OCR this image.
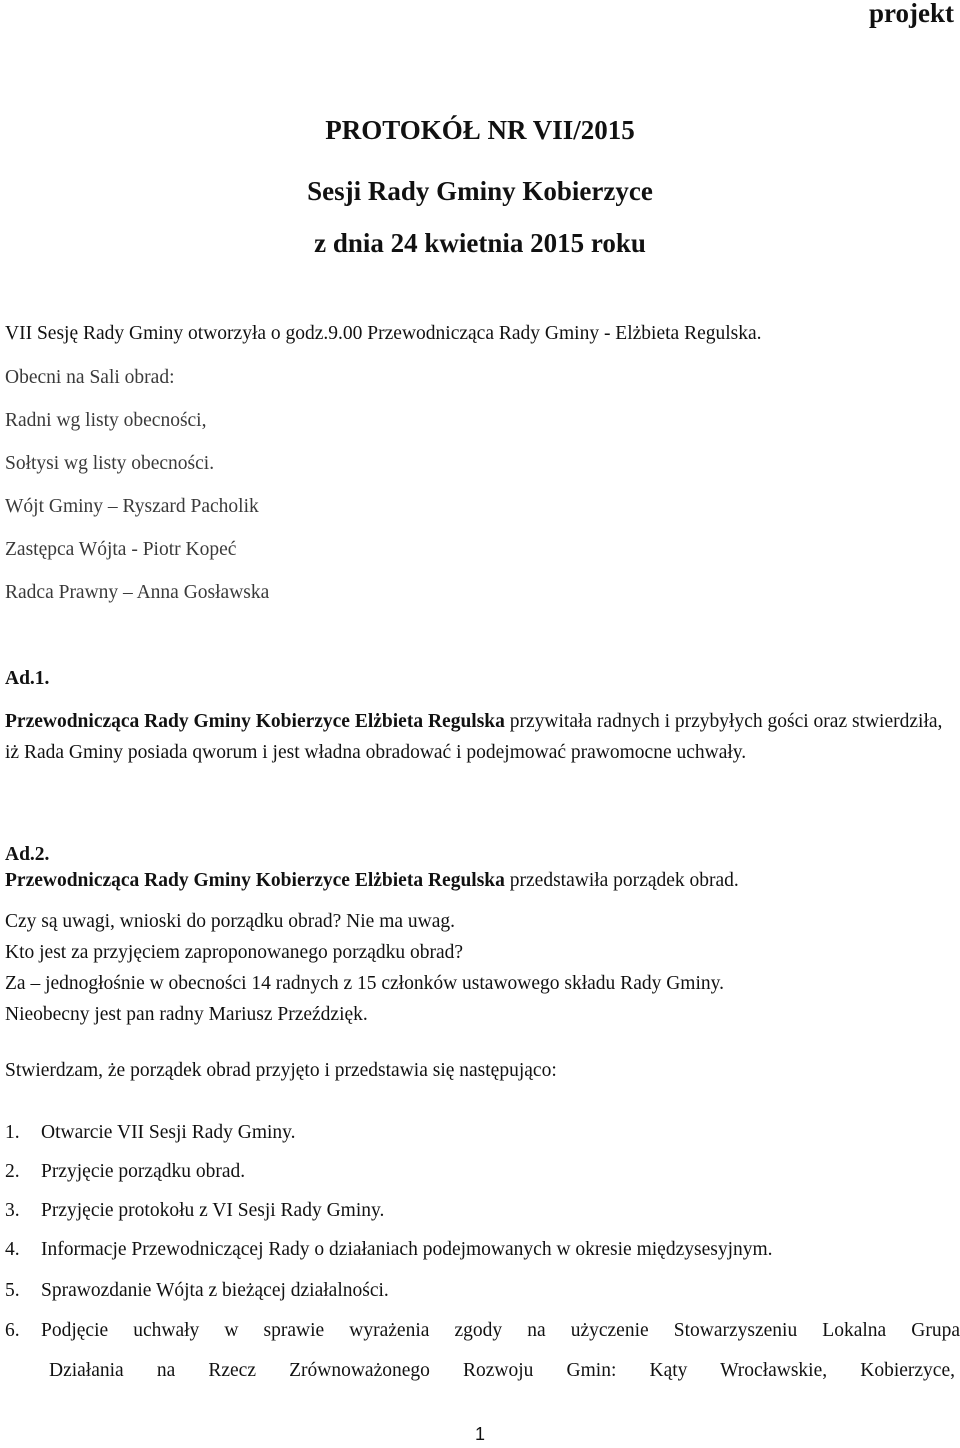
projekt
PROTOKÓŁ NR VII/2015
Sesji Rady Gminy Kobierzyce
z dnia 24 kwietnia 2015 roku
VII Sesję Rady Gminy otworzyła o godz.9.00 Przewodnicząca Rady Gminy - Elżbieta Regulska.
Obecni na Sali obrad:
Radni wg listy obecności,
Sołtysi wg listy obecności.
Wójt Gminy – Ryszard Pacholik
Zastępca Wójta - Piotr Kopeć
Radca Prawny – Anna Gosławska
Ad.1.
Przewodnicząca Rady Gminy Kobierzyce Elżbieta Regulska przywitała radnych i przybyłych gości oraz stwierdziła, iż Rada Gminy posiada qworum i jest władna obradować i podejmować prawomocne uchwały.
Ad.2.
Przewodnicząca Rady Gminy Kobierzyce Elżbieta Regulska przedstawiła porządek obrad.
Czy są uwagi, wnioski do porządku obrad? Nie ma uwag.
Kto jest za przyjęciem zaproponowanego porządku obrad?
Za – jednogłośnie w obecności 14 radnych z 15 członków ustawowego składu Rady Gminy.
Nieobecny jest pan radny Mariusz Przeździęk.
Stwierdzam, że porządek obrad przyjęto i przedstawia się następująco:
1. Otwarcie VII Sesji Rady Gminy.
2. Przyjęcie porządku obrad.
3. Przyjęcie protokołu z VI Sesji Rady Gminy.
4. Informacje Przewodniczącej Rady o działaniach podejmowanych w okresie międzysesyjnym.
5. Sprawozdanie Wójta z bieżącej działalności.
6. Podjęcie uchwały w sprawie wyrażenia zgody na użyczenie Stowarzyszeniu Lokalna Grupa
Działania na Rzecz Zrównoważonego Rozwoju Gmin: Kąty Wrocławskie, Kobierzyce,
1
